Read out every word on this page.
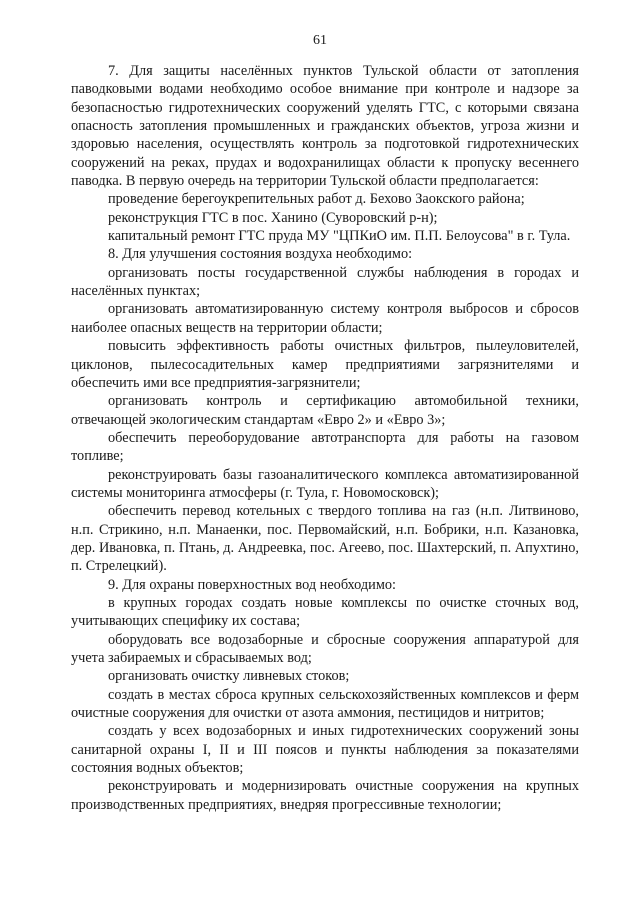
61

7. Для защиты населённых пунктов Тульской области от затопления паводковыми водами необходимо особое внимание при контроле и надзоре за безопасностью гидротехнических сооружений уделять ГТС, с которыми связана опасность затопления промышленных и гражданских объектов, угроза жизни и здоровью населения, осуществлять контроль за подготовкой гидротехнических сооружений на реках, прудах и водохранилищах области к пропуску весеннего паводка. В первую очередь на территории Тульской области предполагается:

проведение берегоукрепительных работ д. Бехово Заокского района;

реконструкция ГТС в пос. Ханино (Суворовский р-н);

капитальный ремонт ГТС пруда МУ "ЦПКиО им. П.П. Белоусова" в г. Тула.

8. Для улучшения состояния воздуха необходимо:

организовать посты государственной службы наблюдения в городах и населённых пунктах;

организовать автоматизированную систему контроля выбросов и сбросов наиболее опасных веществ на территории области;

повысить эффективность работы очистных фильтров, пылеуловителей, циклонов, пылесосадительных камер предприятиями загрязнителями и обеспечить ими все предприятия-загрязнители;

организовать контроль и сертификацию автомобильной техники, отвечающей экологическим стандартам «Евро 2» и «Евро 3»;

обеспечить переоборудование автотранспорта для работы на газовом топливе;

реконструировать базы газоаналитического комплекса автоматизированной системы мониторинга атмосферы (г. Тула, г. Новомосковск);

обеспечить перевод котельных с твердого топлива на газ (н.п. Литвиново, н.п. Стрикино, н.п. Манаенки, пос. Первомайский, н.п. Бобрики, н.п. Казановка, дер. Ивановка, п. Птань, д. Андреевка, пос. Агеево, пос. Шахтерский, п. Апухтино, п. Стрелецкий).

9. Для охраны поверхностных вод необходимо:

в крупных городах создать новые комплексы по очистке сточных вод, учитывающих специфику их состава;

оборудовать все водозаборные и сбросные сооружения аппаратурой для учета забираемых и сбрасываемых вод;

организовать очистку ливневых стоков;

создать в местах сброса крупных сельскохозяйственных комплексов и ферм очистные сооружения для очистки от азота аммония, пестицидов и нитритов;

создать у всех водозаборных и иных гидротехнических сооружений зоны санитарной охраны I, II и III поясов и пункты наблюдения за показателями состояния водных объектов;

реконструировать и модернизировать очистные сооружения на крупных производственных предприятиях, внедряя прогрессивные технологии;
